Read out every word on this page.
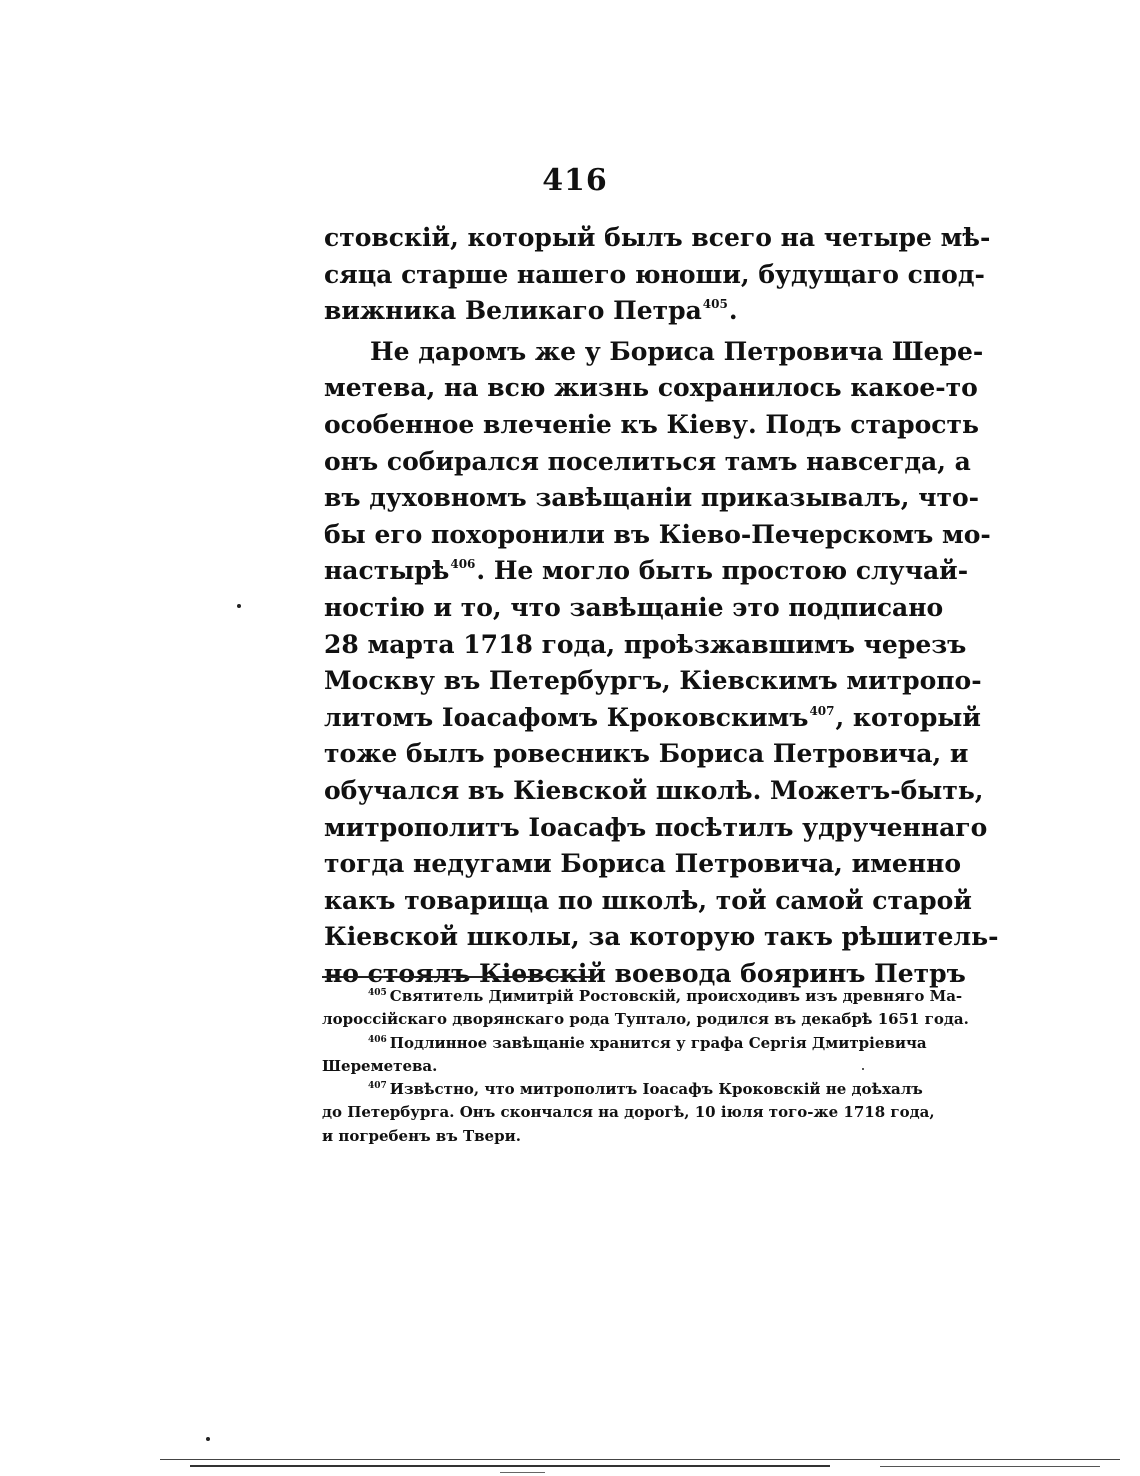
416
стовскій, который былъ всего на четыре мѣ-
сяца старше нашего юноши, будущаго спод-
вижника Великаго Петра$^{405}$.
Не даромъ же у Бориса Петровича Шере-
метева, на всю жизнь сохранилось какое-то
особенное влеченіе къ Кіеву. Подъ старость
онъ собирался поселиться тамъ навсегда, а
въ духовномъ завѣщаніи приказывалъ, что-
бы его похоронили въ Кіево-Печерскомъ мо-
настырѣ$^{406}$. Не могло быть простою случай-
ностію и то, что завѣщаніе это подписано
28 марта 1718 года, проѣзжавшимъ черезъ
Москву въ Петербургъ, Кіевскимъ митропо-
литомъ Іоасафомъ Кроковскимъ$^{407}$, который
тоже былъ ровесникъ Бориса Петровича, и
обучался въ Кіевской школѣ. Можетъ-быть,
митрополитъ Іоасафъ посѣтилъ удрученнаго
тогда недугами Бориса Петровича, именно
какъ товарища по школѣ, той самой старой
Кіевской школы, за которую такъ рѣшитель-
но стоялъ Кіевскій воевода бояринъ Петръ
$^{405}$ Святитель Димитрій Ростовскій, происходивъ изъ древняго Ма-
лороссійскаго дворянскаго рода Туптало, родился въ декабрѣ 1651 года.
$^{406}$ Подлинное завѣщаніе хранится у графа Сергія Дмитріевича
Шереметева.
$^{407}$ Извѣстно, что митрополитъ Іоасафъ Кроковскій не доѣхалъ
до Петербурга. Онъ скончался на дорогѣ, 10 іюля того-же 1718 года,
и погребенъ въ Твери.
